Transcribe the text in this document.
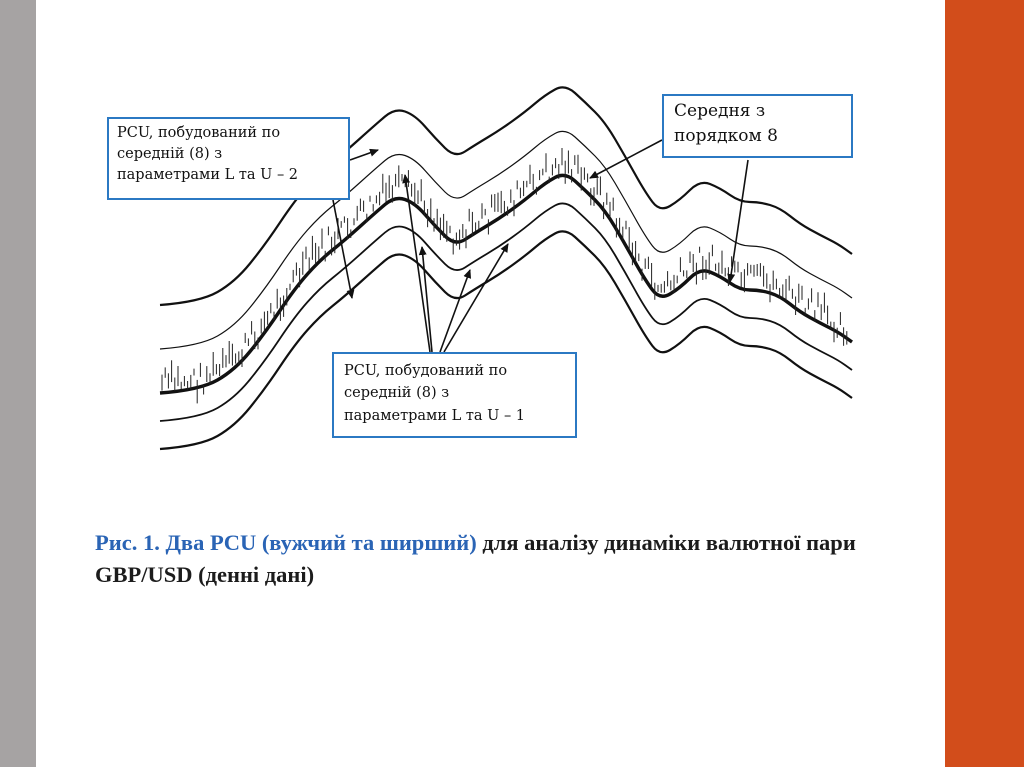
PCU, побудований по
середній (8) з
параметрами L та U – 2
PCU, побудований по
середній (8) з
параметрами L та U – 1
Середня з
порядком 8
Рис. 1. Два PCU (вужчий та ширший) для аналізу динаміки валютної пари GBP/USD (денні дані)
